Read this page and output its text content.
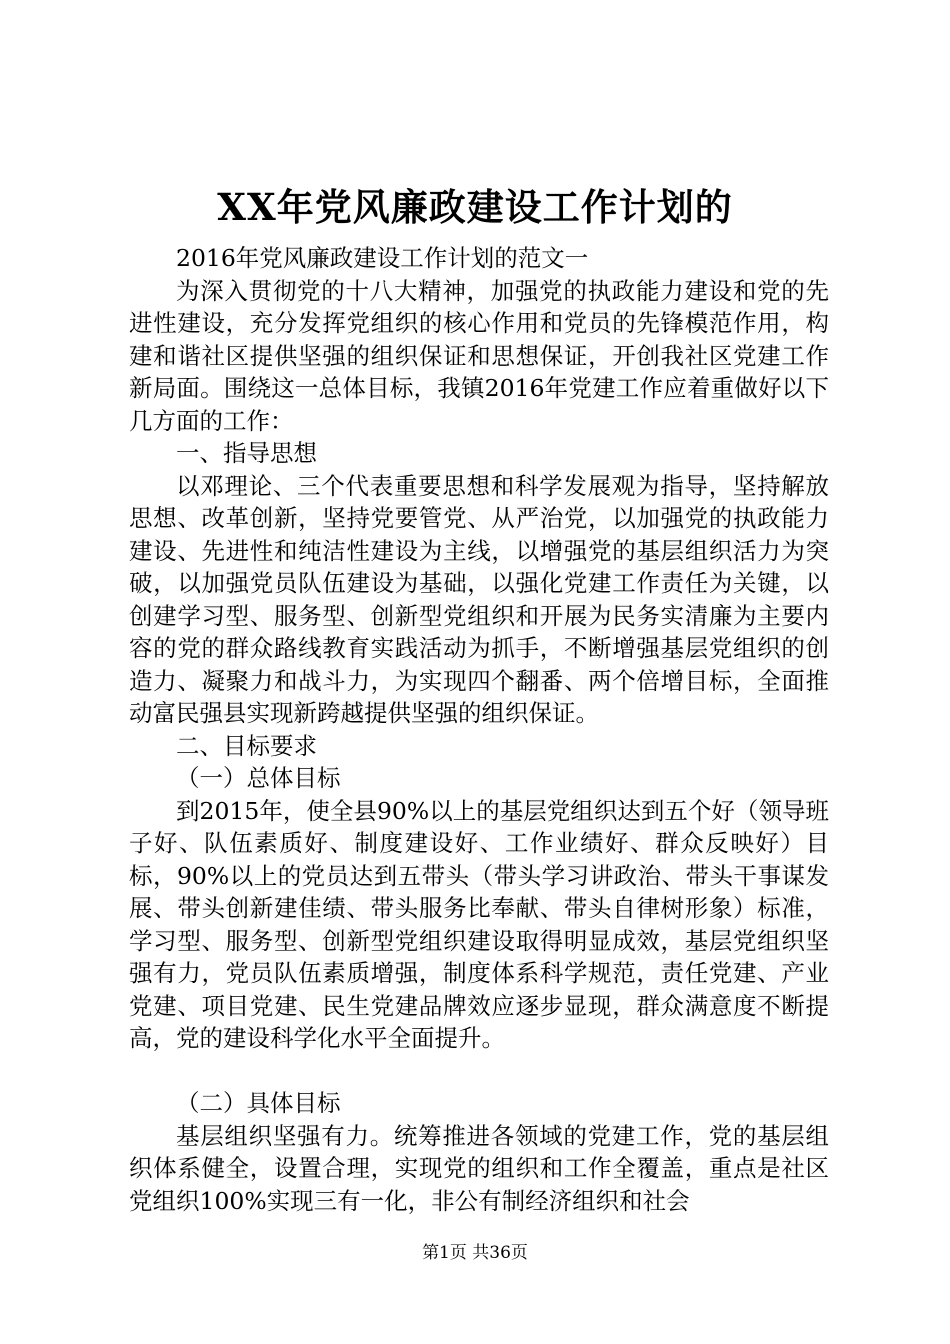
XX年党风廉政建设工作计划的

2016年党风廉政建设工作计划的范文一

为深入贯彻党的十八大精神，加强党的执政能力建设和党的先进性建设，充分发挥党组织的核心作用和党员的先锋模范作用，构建和谐社区提供坚强的组织保证和思想保证，开创我社区党建工作新局面。围绕这一总体目标，我镇2016年党建工作应着重做好以下几方面的工作：

一、指导思想

以邓理论、三个代表重要思想和科学发展观为指导，坚持解放思想、改革创新，坚持党要管党、从严治党，以加强党的执政能力建设、先进性和纯洁性建设为主线，以增强党的基层组织活力为突破，以加强党员队伍建设为基础，以强化党建工作责任为关键，以创建学习型、服务型、创新型党组织和开展为民务实清廉为主要内容的党的群众路线教育实践活动为抓手，不断增强基层党组织的创造力、凝聚力和战斗力，为实现四个翻番、两个倍增目标，全面推动富民强县实现新跨越提供坚强的组织保证。

二、目标要求

（一）总体目标

到2015年，使全县90%以上的基层党组织达到五个好（领导班子好、队伍素质好、制度建设好、工作业绩好、群众反映好）目标，90%以上的党员达到五带头（带头学习讲政治、带头干事谋发展、带头创新建佳绩、带头服务比奉献、带头自律树形象）标准，学习型、服务型、创新型党组织建设取得明显成效，基层党组织坚强有力，党员队伍素质增强，制度体系科学规范，责任党建、产业党建、项目党建、民生党建品牌效应逐步显现，群众满意度不断提高，党的建设科学化水平全面提升。

（二）具体目标

基层组织坚强有力。统筹推进各领域的党建工作，党的基层组织体系健全，设置合理，实现党的组织和工作全覆盖，重点是社区党组织100%实现三有一化，非公有制经济组织和社会

第1页 共36页
